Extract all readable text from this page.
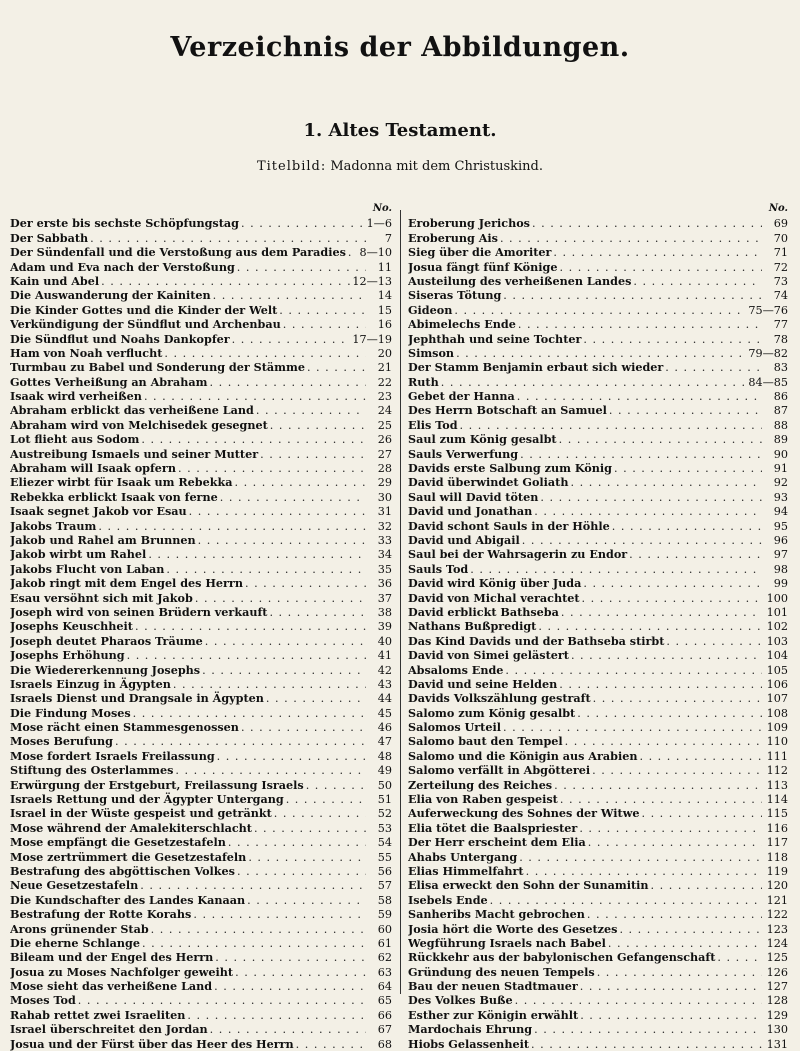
Verzeichnis der Abbildungen.
1. Altes Testament.
Titelbild: Madonna mit dem Christuskind.
No.
Der erste bis sechste Schöpfungstag . . .	1—6
Der Sabbath . . .	7
Der Sündenfall und die Verstoßung aus dem Paradies . . . 8—10
Adam und Eva nach der Verstoßung . . .	11
Kain und Abel . . .	12—13
Die Auswanderung der Kainiten . . .	14
Die Kinder Gottes und die Kinder der Welt . . .	15
Verkündigung der Sündflut und Archenbau . . .	16
Die Sündflut und Noahs Dankopfer . . .	17—19
Ham von Noah verflucht . . .	20
Turmbau zu Babel und Sonderung der Stämme . . .	21
Gottes Verheißung an Abraham . . .	22
Isaak wird verheißen . . .	23
Abraham erblickt das verheißene Land . . .	24
Abraham wird von Melchisedek gesegnet . . .	25
Lot flieht aus Sodom . . .	26
Austreibung Ismaels und seiner Mutter . . .	27
Abraham will Isaak opfern . . .	28
Eliezer wirbt für Isaak um Rebekka . . .	29
Rebekka erblickt Isaak von ferne . . .	30
Isaak segnet Jakob vor Esau . . .	31
Jakobs Traum . . .	32
Jakob und Rahel am Brunnen . . .	33
Jakob wirbt um Rahel . . .	34
Jakobs Flucht von Laban . . .	35
Jakob ringt mit dem Engel des Herrn . . .	36
Esau versöhnt sich mit Jakob . . .	37
Joseph wird von seinen Brüdern verkauft . . .	38
Josephs Keuschheit . . .	39
Joseph deutet Pharaos Träume . . .	40
Josephs Erhöhung . . .	41
Die Wiedererkennung Josephs . . .	42
Israels Einzug in Ägypten . . .	43
Israels Dienst und Drangsale in Ägypten . . .	44
Die Findung Moses . . .	45
Mose rächt einen Stammesgenossen . . .	46
Moses Berufung . . .	47
Mose fordert Israels Freilassung . . .	48
Stiftung des Osterlammes . . .	49
Erwürgung der Erstgeburt, Freilassung Israels . . .	50
Israels Rettung und der Ägypter Untergang . . .	51
Israel in der Wüste gespeist und getränkt . . .	52
Mose während der Amalekiterschlacht . . .	53
Mose empfängt die Gesetzestafeln . . .	54
Mose zertrümmert die Gesetzestafeln . . .	55
Bestrafung des abgöttischen Volkes . . .	56
Neue Gesetzestafeln . . .	57
Die Kundschafter des Landes Kanaan . . .	58
Bestrafung der Rotte Korahs . . .	59
Arons grünender Stab . . .	60
Die eherne Schlange . . .	61
Bileam und der Engel des Herrn . . .	62
Josua zu Moses Nachfolger geweiht . . .	63
Mose sieht das verheißene Land . . .	64
Moses Tod . . .	65
Rahab rettet zwei Israeliten . . .	66
Israel überschreitet den Jordan . . .	67
Josua und der Fürst über das Heer des Herrn . . .	68
No.
Eroberung Jerichos . . .	69
Eroberung Ais . . .	70
Sieg über die Amoriter . . .	71
Josua fängt fünf Könige . . .	72
Austeilung des verheißenen Landes . . .	73
Siseras Tötung . . .	74
Gideon . . .	75—76
Abimelechs Ende . . .	77
Jephthah und seine Tochter . . .	78
Simson . . .	79—82
Der Stamm Benjamin erbaut sich wieder . . .	83
Ruth . . .	84—85
Gebet der Hanna . . .	86
Des Herrn Botschaft an Samuel . . .	87
Elis Tod . . .	88
Saul zum König gesalbt . . .	89
Sauls Verwerfung . . .	90
Davids erste Salbung zum König . . .	91
David überwindet Goliath . . .	92
Saul will David töten . . .	93
David und Jonathan . . .	94
David schont Sauls in der Höhle . . .	95
David und Abigail . . .	96
Saul bei der Wahrsagerin zu Endor . . .	97
Sauls Tod . . .	98
David wird König über Juda . . .	99
David von Michal verachtet . . .	100
David erblickt Bathseba . . .	101
Nathans Bußpredigt . . .	102
Das Kind Davids und der Bathseba stirbt . . .	103
David von Simei gelästert . . .	104
Absaloms Ende . . .	105
David und seine Helden . . .	106
Davids Volkszählung gestraft . . .	107
Salomo zum König gesalbt . . .	108
Salomos Urteil . . .	109
Salomo baut den Tempel . . .	110
Salomo und die Königin aus Arabien . . .	111
Salomo verfällt in Abgötterei . . .	112
Zerteilung des Reiches . . .	113
Elia von Raben gespeist . . .	114
Auferweckung des Sohnes der Witwe . . .	115
Elia tötet die Baalspriester . . .	116
Der Herr erscheint dem Elia . . .	117
Ahabs Untergang . . .	118
Elias Himmelfahrt . . .	119
Elisa erweckt den Sohn der Sunamitin . . .	120
Isebels Ende . . .	121
Sanheribs Macht gebrochen . . .	122
Josia hört die Worte des Gesetzes . . .	123
Wegführung Israels nach Babel . . .	124
Rückkehr aus der babylonischen Gefangenschaft . . .	125
Gründung des neuen Tempels . . .	126
Bau der neuen Stadtmauer . . .	127
Des Volkes Buße . . .	128
Esther zur Königin erwählt . . .	129
Mardochais Ehrung . . .	130
Hiobs Gelassenheit . . .	131
